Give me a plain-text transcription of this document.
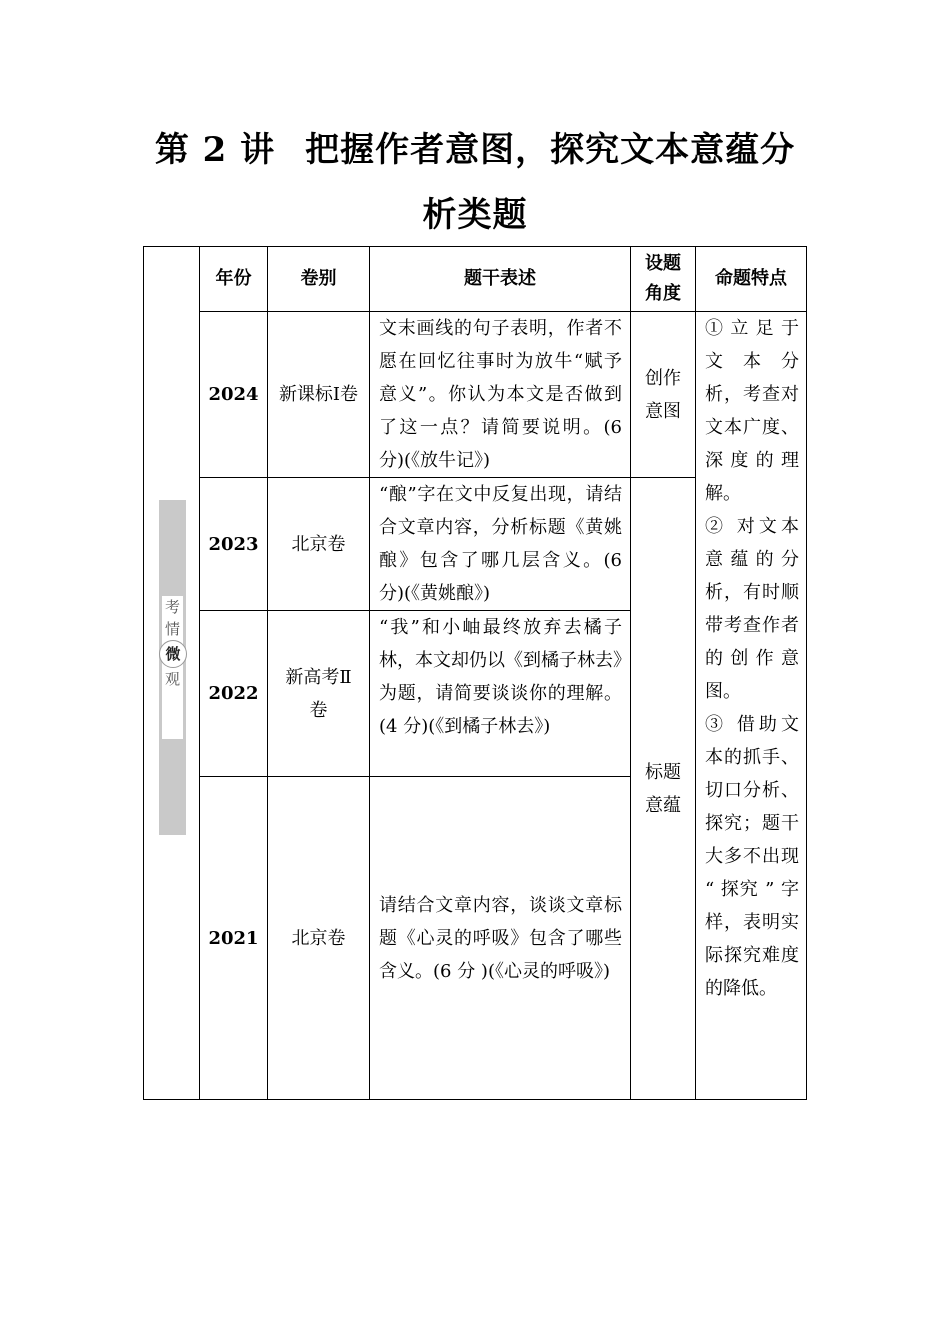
第 2 讲 把握作者意图，探究文本意蕴分
析类题
考
情
微
观	年份	卷别	题干表述	设题角度	命题特点
	2024	新课标Ⅰ卷	文末画线的句子表明，作者不愿在回忆往事时为放牛“赋予意义”。你认为本文是否做到了这一点？请简要说明。(6 分)(《放牛记》)	创作意图	① 立 足 于 文 本 分析，考查对文本广度、深度的理解。

② 对文本意蕴的分析，有时顺带考查作者的创作意图。

③ 借助文本的抓手、切口分析、探究；题干大多不出现 “ 探究 ” 字样，表明实际探究难度的降低。

	2023	北京卷	“酿”字在文中反复出现，请结合文章内容，分析标题《黄姚酿》包含了哪几层含义。(6 分)(《黄姚酿》)	标题意蕴	
	2022	新高考Ⅱ卷	“我”和小岫最终放弃去橘子林，本文却仍以《到橘子林去》为题，请简要谈谈你的理解。(4 分)(《到橘子林去》)		
	2021	北京卷	请结合文章内容，谈谈文章标题《心灵的呼吸》包含了哪些含义。(6 分 )(《心灵的呼吸》)		
